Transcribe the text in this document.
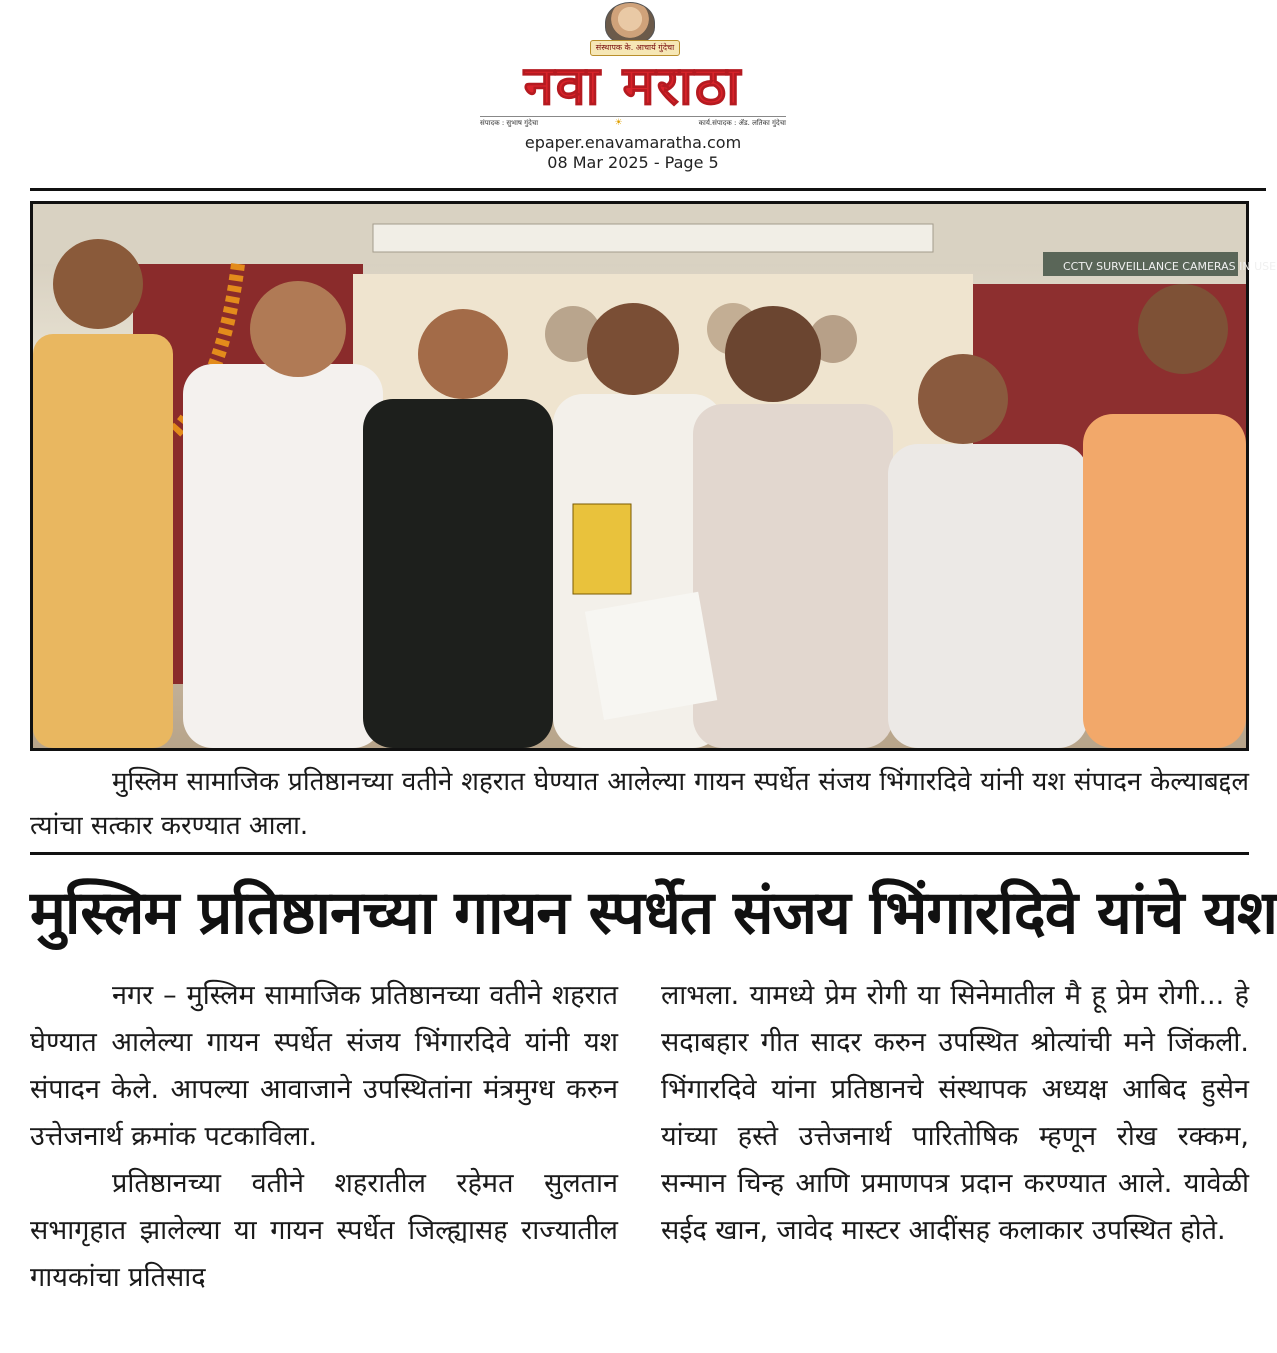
संस्थापक के. आचार्य गुंदेचा
नवा मराठा
संपादक : सुभाष गुंदेचा	☀	कार्य.संपादक : ॲड. लतिका गुंदेचा
epaper.enavamaratha.com
08 Mar 2025 - Page 5
CCTV SURVEILLANCE CAMERAS IN USE
मुस्लिम सामाजिक प्रतिष्ठानच्या वतीने शहरात घेण्यात आलेल्या गायन स्पर्धेत संजय भिंगारदिवे यांनी यश संपादन केल्याबद्दल त्यांचा सत्कार करण्यात आला.
मुस्लिम प्रतिष्ठानच्या गायन स्पर्धेत संजय भिंगारदिवे यांचे यश

नगर – मुस्लिम सामाजिक प्रतिष्ठानच्या वतीने शहरात घेण्यात आलेल्या गायन स्पर्धेत संजय भिंगारदिवे यांनी यश संपादन केले. आपल्या आवाजाने उपस्थितांना मंत्रमुग्ध करुन उत्तेजनार्थ क्रमांक पटकाविला.

प्रतिष्ठानच्या वतीने शहरातील रहेमत सुलतान सभागृहात झालेल्या या गायन स्पर्धेत जिल्ह्यासह राज्यातील गायकांचा प्रतिसाद

लाभला. यामध्ये प्रेम रोगी या सिनेमातील मै हू प्रेम रोगी... हे सदाबहार गीत सादर करुन उपस्थित श्रोत्यांची मने जिंकली. भिंगारदिवे यांना प्रतिष्ठानचे संस्थापक अध्यक्ष आबिद हुसेन यांच्या हस्ते उत्तेजनार्थ पारितोषिक म्हणून रोख रक्कम, सन्मान चिन्ह आणि प्रमाणपत्र प्रदान करण्यात आले. यावेळी सईद खान, जावेद मास्टर आदींसह कलाकार उपस्थित होते.
